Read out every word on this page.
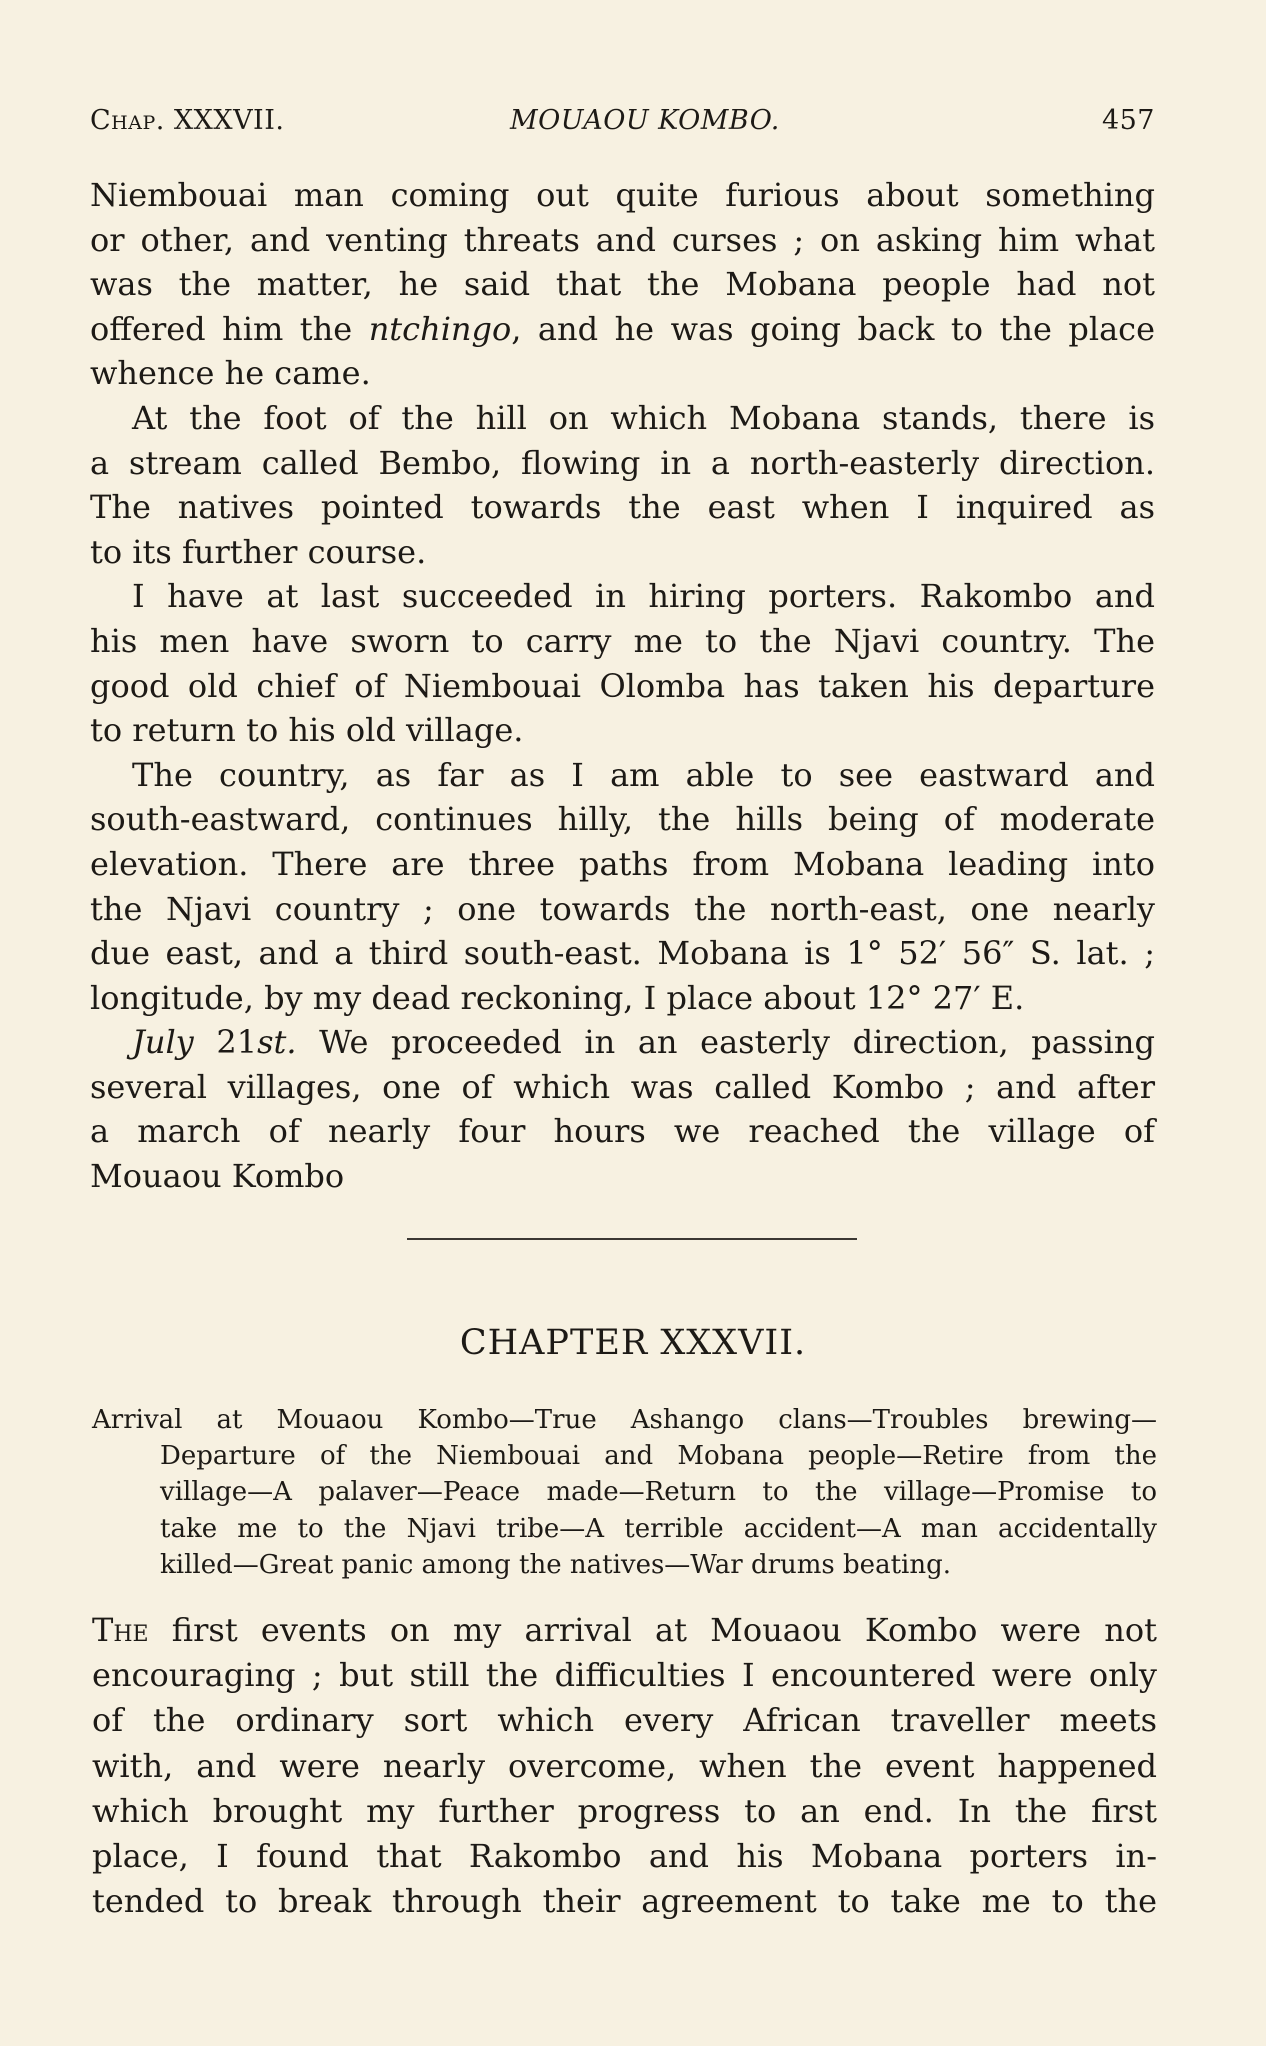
Chap. XXXVII.	MOUAOU KOMBO.	457
Niembouai man coming out quite furious about something
or other, and venting threats and curses ; on asking him what
was the matter, he said that the Mobana people had not
offered him the ntchingo, and he was going back to the place
whence he came.
At the foot of the hill on which Mobana stands, there is
a stream called Bembo, flowing in a north-easterly direction.
The natives pointed towards the east when I inquired as
to its further course.
I have at last succeeded in hiring porters. Rakombo and
his men have sworn to carry me to the Njavi country. The
good old chief of Niembouai Olomba has taken his departure
to return to his old village.
The country, as far as I am able to see eastward and
south-eastward, continues hilly, the hills being of moderate
elevation. There are three paths from Mobana leading into
the Njavi country ; one towards the north-east, one nearly
due east, and a third south-east. Mobana is 1° 52′ 56″ S. lat. ;
longitude, by my dead reckoning, I place about 12° 27′ E.
July 21st. We proceeded in an easterly direction, passing
several villages, one of which was called Kombo ; and after
a march of nearly four hours we reached the village of
Mouaou Kombo
CHAPTER XXXVII.
Arrival at Mouaou Kombo—True Ashango clans—Troubles brewing—
Departure of the Niembouai and Mobana people—Retire from the
village—A palaver—Peace made—Return to the village—Promise to
take me to the Njavi tribe—A terrible accident—A man accidentally
killed—Great panic among the natives—War drums beating.
The first events on my arrival at Mouaou Kombo were not
encouraging ; but still the difficulties I encountered were only
of the ordinary sort which every African traveller meets
with, and were nearly overcome, when the event happened
which brought my further progress to an end. In the first
place, I found that Rakombo and his Mobana porters in-
tended to break through their agreement to take me to the
